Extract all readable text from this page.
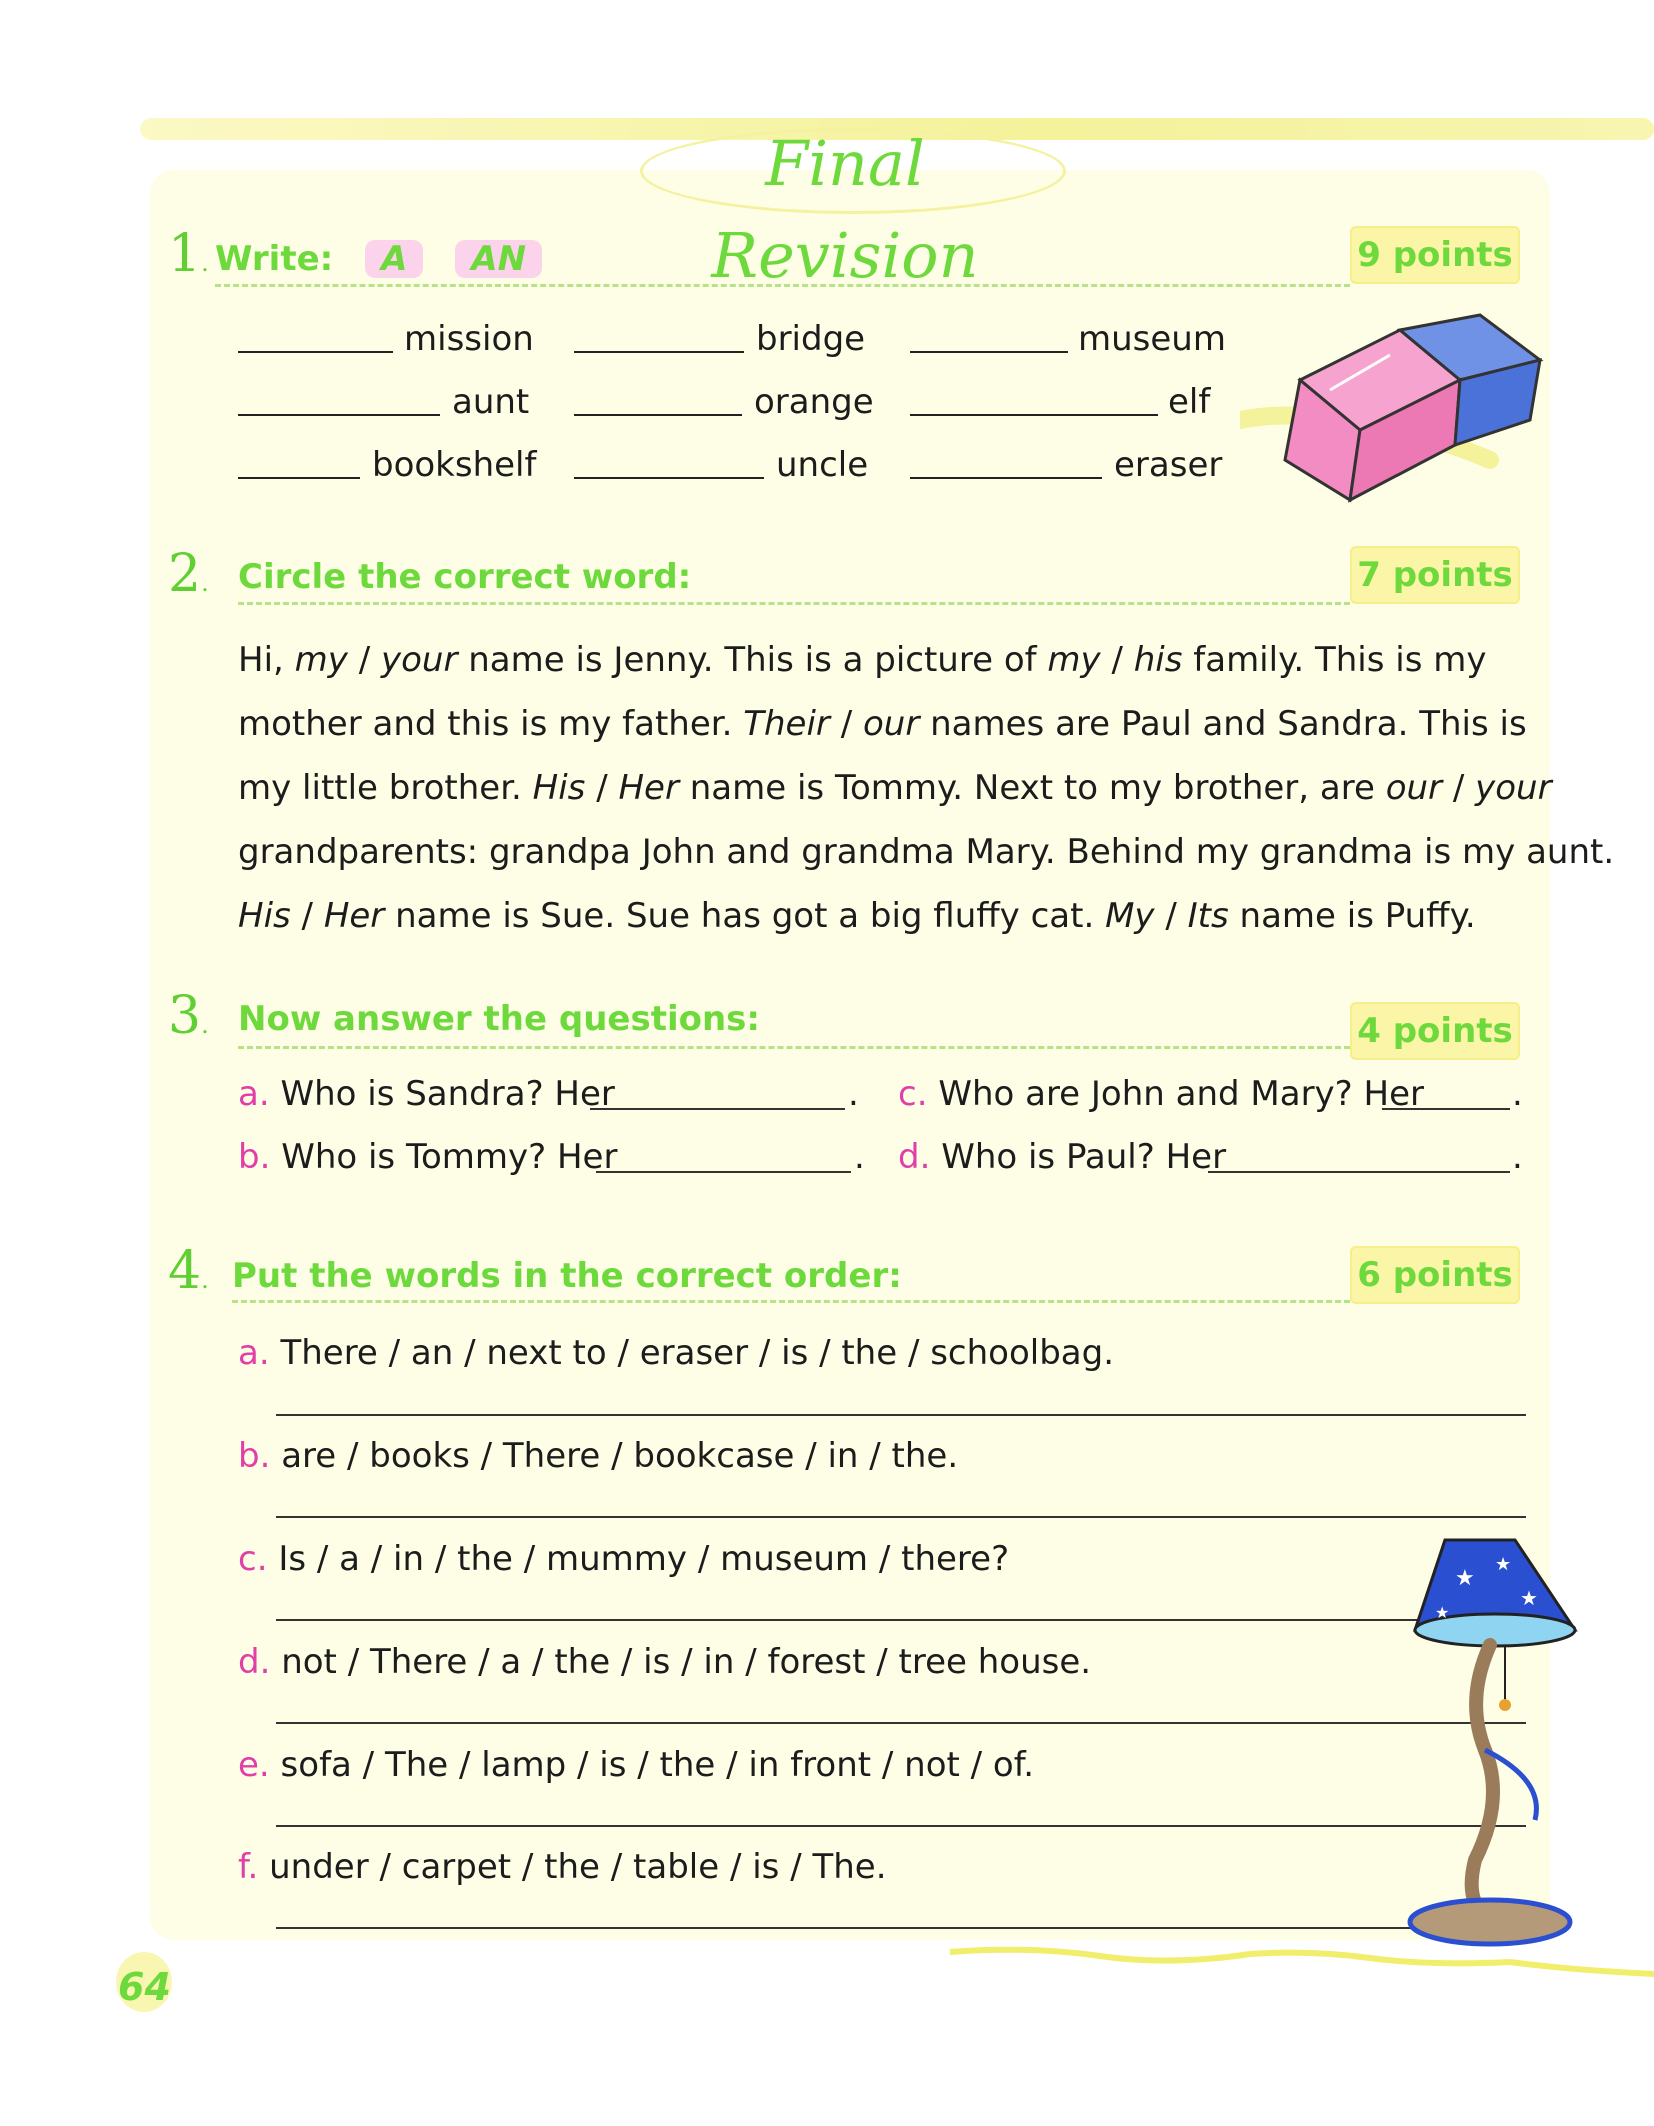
Final Revision
1. Write: A AN	9 points
mission	bridge	museum
aunt	orange	elf
bookshelf	uncle	eraser
2. Circle the correct word:	7 points
Hi, my / your name is Jenny. This is a picture of my / his family. This is my
mother and this is my father. Their / our names are Paul and Sandra. This is
my little brother. His / Her name is Tommy. Next to my brother, are our / your
grandparents: grandpa John and grandma Mary. Behind my grandma is my aunt.
His / Her name is Sue. Sue has got a big fluffy cat. My / Its name is Puffy.
3. Now answer the questions:	4 points
a. Who is Sandra? Her	.
b. Who is Tommy? Her	.
c. Who are John and Mary? Her	.
d. Who is Paul? Her	.
4. Put the words in the correct order:	6 points
a. There / an / next to / eraser / is / the / schoolbag.
b. are / books / There / bookcase / in / the.
c. Is / a / in / the / mummy / museum / there?
d. not / There / a / the / is / in / forest / tree house.
e. sofa / The / lamp / is / the / in front / not / of.
f. under / carpet / the / table / is / The.
★
★
★
★
64
